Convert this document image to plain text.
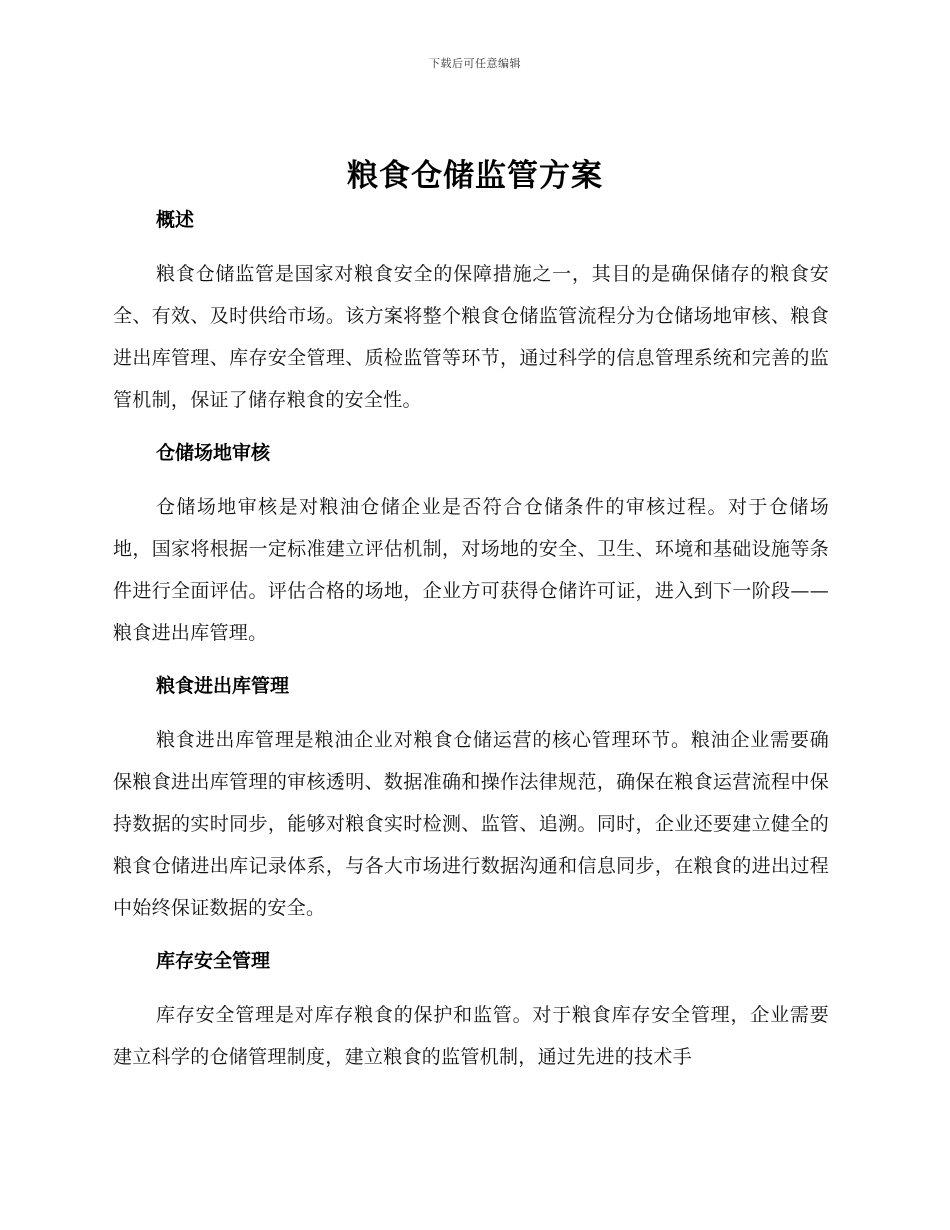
下载后可任意编辑
粮食仓储监管方案
概述

粮食仓储监管是国家对粮食安全的保障措施之一，其目的是确保储存的粮食安全、有效、及时供给市场。该方案将整个粮食仓储监管流程分为仓储场地审核、粮食进出库管理、库存安全管理、质检监管等环节，通过科学的信息管理系统和完善的监管机制，保证了储存粮食的安全性。

仓储场地审核

仓储场地审核是对粮油仓储企业是否符合仓储条件的审核过程。对于仓储场地，国家将根据一定标准建立评估机制，对场地的安全、卫生、环境和基础设施等条件进行全面评估。评估合格的场地，企业方可获得仓储许可证，进入到下一阶段——粮食进出库管理。

粮食进出库管理

粮食进出库管理是粮油企业对粮食仓储运营的核心管理环节。粮油企业需要确保粮食进出库管理的审核透明、数据准确和操作法律规范，确保在粮食运营流程中保持数据的实时同步，能够对粮食实时检测、监管、追溯。同时，企业还要建立健全的粮食仓储进出库记录体系，与各大市场进行数据沟通和信息同步，在粮食的进出过程中始终保证数据的安全。

库存安全管理

库存安全管理是对库存粮食的保护和监管。对于粮食库存安全管理，企业需要建立科学的仓储管理制度，建立粮食的监管机制，通过先进的技术手
